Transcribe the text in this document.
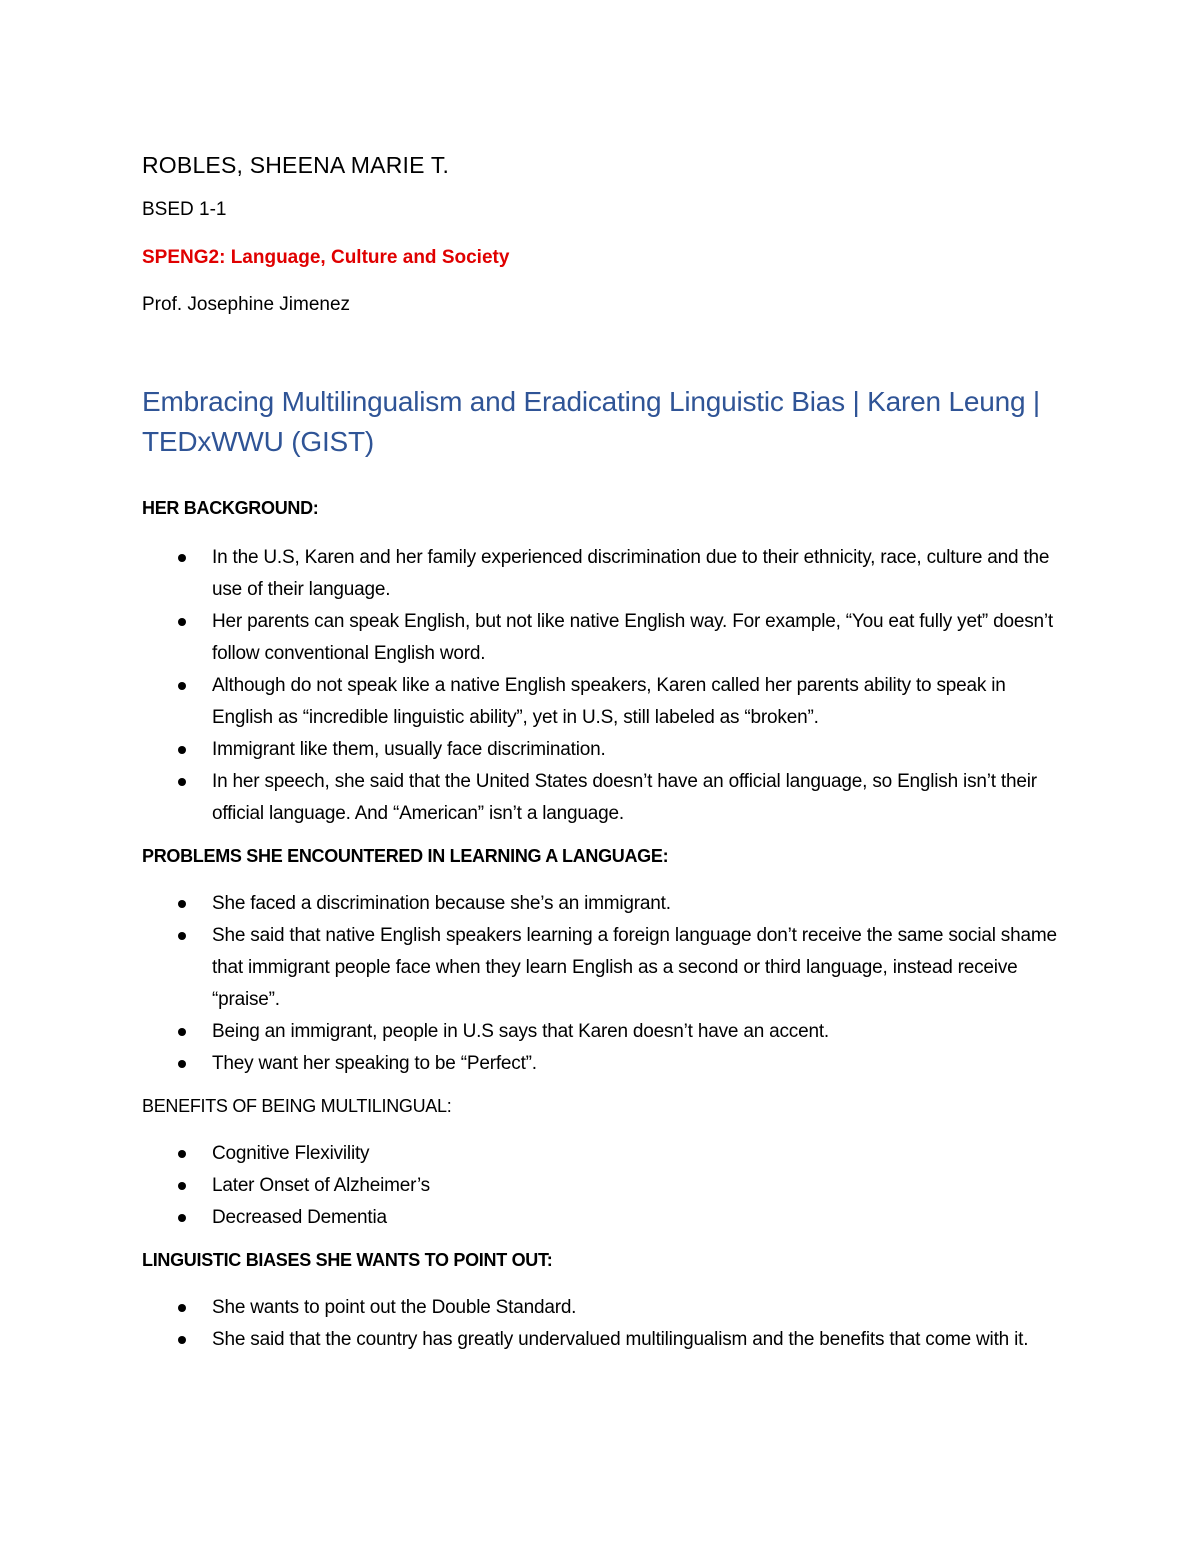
ROBLES, SHEENA MARIE T.

BSED 1-1

SPENG2: Language, Culture and Society

Prof. Josephine Jimenez

Embracing Multilingualism and Eradicating Linguistic Bias | Karen Leung |

TEDxWWU (GIST)

HER BACKGROUND:

In the U.S, Karen and her family experienced discrimination due to their ethnicity, race, culture and the use of their language.
Her parents can speak English, but not like native English way. For example, “You eat fully yet” doesn’t follow conventional English word.
Although do not speak like a native English speakers, Karen called her parents ability to speak in English as “incredible linguistic ability”, yet in U.S, still labeled as “broken”.
Immigrant like them, usually face discrimination.
In her speech, she said that the United States doesn’t have an official language, so English isn’t their official language. And “American” isn’t a language.

PROBLEMS SHE ENCOUNTERED IN LEARNING A LANGUAGE:

She faced a discrimination because she’s an immigrant.
She said that native English speakers learning a foreign language don’t receive the same social shame that immigrant people face when they learn English as a second or third language, instead receive “praise”.
Being an immigrant, people in U.S says that Karen doesn’t have an accent.
They want her speaking to be “Perfect”.

BENEFITS OF BEING MULTILINGUAL:

Cognitive Flexivility
Later Onset of Alzheimer’s
Decreased Dementia

LINGUISTIC BIASES SHE WANTS TO POINT OUT:

She wants to point out the Double Standard.
She said that the country has greatly undervalued multilingualism and the benefits that come with it.
